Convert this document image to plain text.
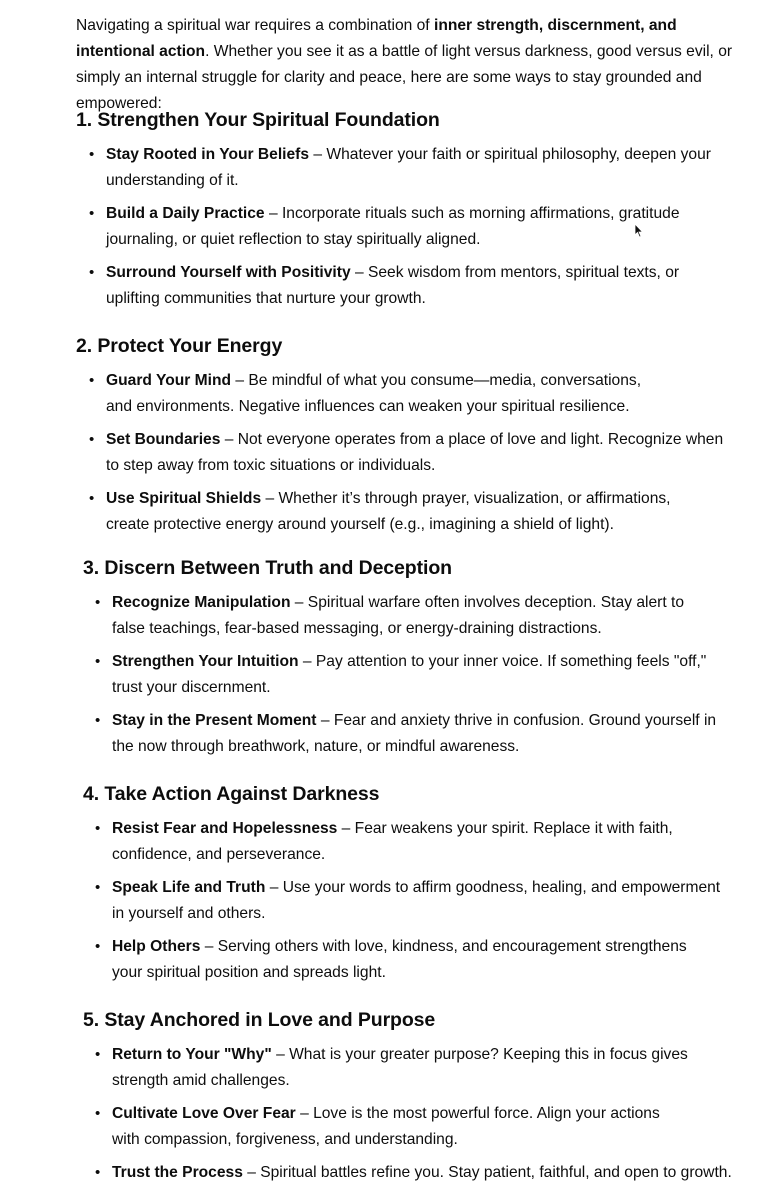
Navigating a spiritual war requires a combination of inner strength, discernment, and intentional action. Whether you see it as a battle of light versus darkness, good versus evil, or simply an internal struggle for clarity and peace, here are some ways to stay grounded and empowered:

1. Strengthen Your Spiritual Foundation
• Stay Rooted in Your Beliefs – Whatever your faith or spiritual philosophy, deepen your understanding of it.
• Build a Daily Practice – Incorporate rituals such as morning affirmations, gratitude journaling, or quiet reflection to stay spiritually aligned.
• Surround Yourself with Positivity – Seek wisdom from mentors, spiritual texts, or uplifting communities that nurture your growth.
2. Protect Your Energy
• Guard Your Mind – Be mindful of what you consume—media, conversations, and environments. Negative influences can weaken your spiritual resilience.
• Set Boundaries – Not everyone operates from a place of love and light. Recognize when to step away from toxic situations or individuals.
• Use Spiritual Shields – Whether it’s through prayer, visualization, or affirmations, create protective energy around yourself (e.g., imagining a shield of light).
3. Discern Between Truth and Deception
• Recognize Manipulation – Spiritual warfare often involves deception. Stay alert to false teachings, fear-based messaging, or energy-draining distractions.
• Strengthen Your Intuition – Pay attention to your inner voice. If something feels "off," trust your discernment.
• Stay in the Present Moment – Fear and anxiety thrive in confusion. Ground yourself in the now through breathwork, nature, or mindful awareness.
4. Take Action Against Darkness
• Resist Fear and Hopelessness – Fear weakens your spirit. Replace it with faith, confidence, and perseverance.
• Speak Life and Truth – Use your words to affirm goodness, healing, and empowerment in yourself and others.
• Help Others – Serving others with love, kindness, and encouragement strengthens your spiritual position and spreads light.
5. Stay Anchored in Love and Purpose
• Return to Your "Why" – What is your greater purpose? Keeping this in focus gives strength amid challenges.
• Cultivate Love Over Fear – Love is the most powerful force. Align your actions with compassion, forgiveness, and understanding.
• Trust the Process – Spiritual battles refine you. Stay patient, faithful, and open to growth.
